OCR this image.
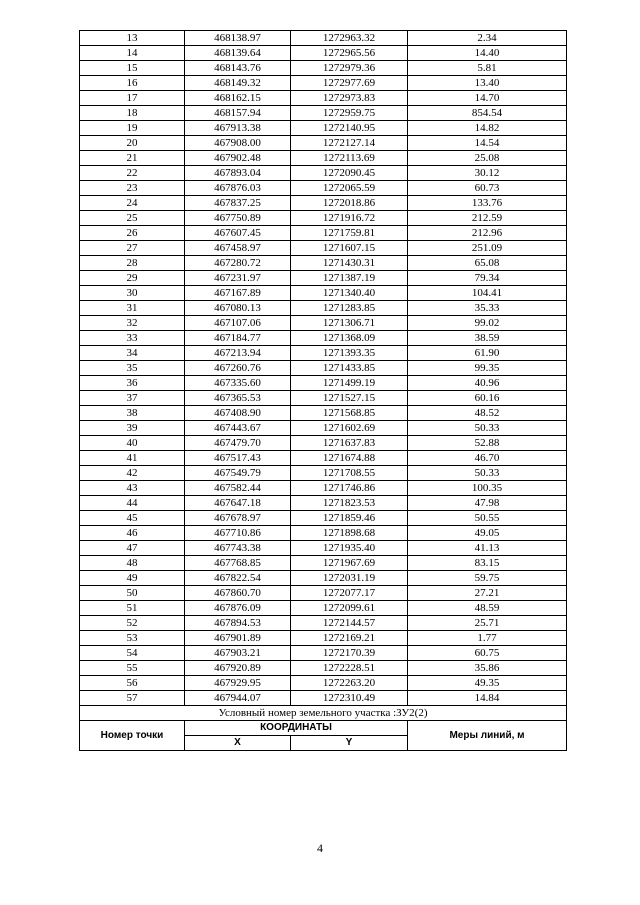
13	468138.97	1272963.32	2.34
14	468139.64	1272965.56	14.40
15	468143.76	1272979.36	5.81
16	468149.32	1272977.69	13.40
17	468162.15	1272973.83	14.70
18	468157.94	1272959.75	854.54
19	467913.38	1272140.95	14.82
20	467908.00	1272127.14	14.54
21	467902.48	1272113.69	25.08
22	467893.04	1272090.45	30.12
23	467876.03	1272065.59	60.73
24	467837.25	1272018.86	133.76
25	467750.89	1271916.72	212.59
26	467607.45	1271759.81	212.96
27	467458.97	1271607.15	251.09
28	467280.72	1271430.31	65.08
29	467231.97	1271387.19	79.34
30	467167.89	1271340.40	104.41
31	467080.13	1271283.85	35.33
32	467107.06	1271306.71	99.02
33	467184.77	1271368.09	38.59
34	467213.94	1271393.35	61.90
35	467260.76	1271433.85	99.35
36	467335.60	1271499.19	40.96
37	467365.53	1271527.15	60.16
38	467408.90	1271568.85	48.52
39	467443.67	1271602.69	50.33
40	467479.70	1271637.83	52.88
41	467517.43	1271674.88	46.70
42	467549.79	1271708.55	50.33
43	467582.44	1271746.86	100.35
44	467647.18	1271823.53	47.98
45	467678.97	1271859.46	50.55
46	467710.86	1271898.68	49.05
47	467743.38	1271935.40	41.13
48	467768.85	1271967.69	83.15
49	467822.54	1272031.19	59.75
50	467860.70	1272077.17	27.21
51	467876.09	1272099.61	48.59
52	467894.53	1272144.57	25.71
53	467901.89	1272169.21	1.77
54	467903.21	1272170.39	60.75
55	467920.89	1272228.51	35.86
56	467929.95	1272263.20	49.35
57	467944.07	1272310.49	14.84
Условный номер земельного участка :ЗУ2(2)			
Номер точки	КООРДИНАТЫ		Меры линий, м
	X	Y	
4
